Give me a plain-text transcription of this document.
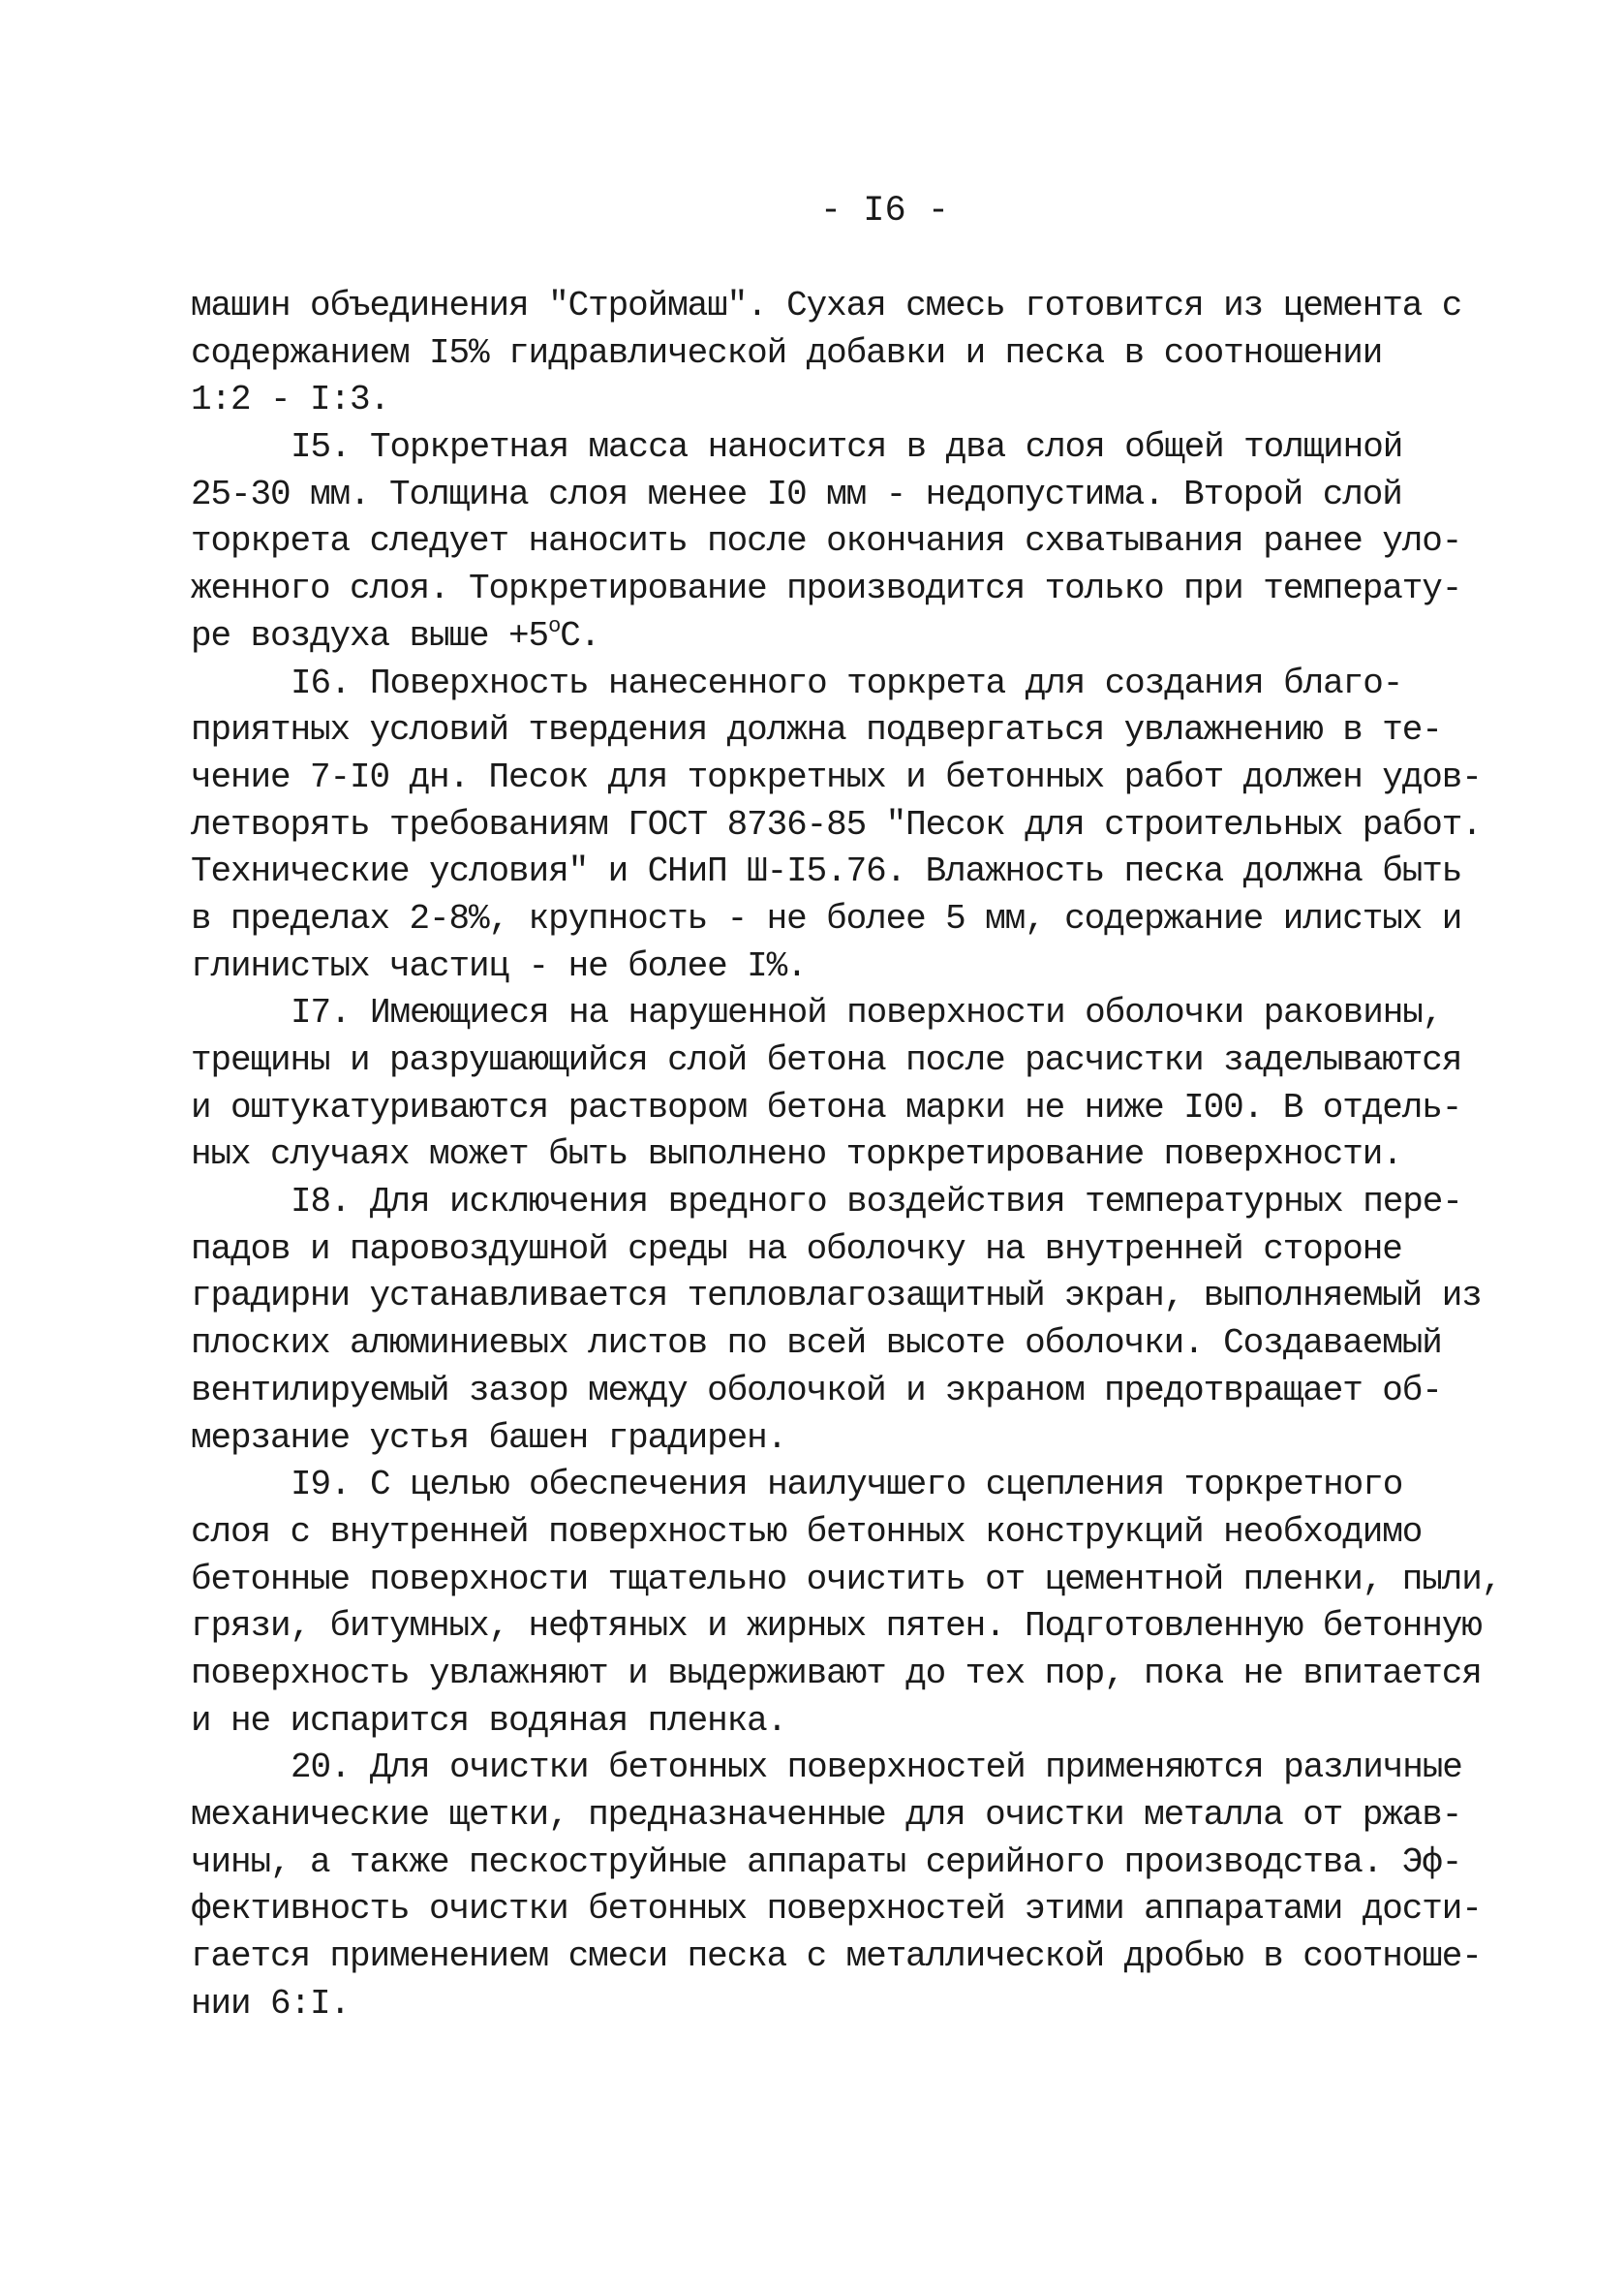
- I6 -
машин объединения "Строймаш". Сухая смесь готовится из цемента с
содержанием I5% гидравлической добавки и песка в соотношении
1:2 - I:3.
I5. Торкретная масса наносится в два слоя общей толщиной
25-30 мм. Толщина слоя менее I0 мм - недопустима. Второй слой
торкрета следует наносить после окончания схватывания ранее уло-
женного слоя. Торкретирование производится только при температу-
ре воздуха выше $+5^оС$.
I6. Поверхность нанесенного торкрета для создания благо-
приятных условий твердения должна подвергаться увлажнению в те-
чение 7-I0 дн. Песок для торкретных и бетонных работ должен удов-
летворять требованиям ГОСТ 8736-85 "Песок для строительных работ.
Технические условия" и СНиП Ш-I5.76. Влажность песка должна быть
в пределах 2-8%, крупность - не более 5 мм, содержание илистых и
глинистых частиц - не более I%.
I7. Имеющиеся на нарушенной поверхности оболочки раковины,
трещины и разрушающийся слой бетона после расчистки заделываются
и оштукатуриваются раствором бетона марки не ниже I00. В отдель-
ных случаях может быть выполнено торкретирование поверхности.
I8. Для исключения вредного воздействия температурных пере-
падов и паровоздушной среды на оболочку на внутренней стороне
градирни устанавливается тепловлагозащитный экран, выполняемый из
плоских алюминиевых листов по всей высоте оболочки. Создаваемый
вентилируемый зазор между оболочкой и экраном предотвращает об-
мерзание устья башен градирен.
I9. С целью обеспечения наилучшего сцепления торкретного
слоя с внутренней поверхностью бетонных конструкций необходимо
бетонные поверхности тщательно очистить от цементной пленки, пыли,
грязи, битумных, нефтяных и жирных пятен. Подготовленную бетонную
поверхность увлажняют и выдерживают до тех пор, пока не впитается
и не испарится водяная пленка.
20. Для очистки бетонных поверхностей применяются различные
механические щетки, предназначенные для очистки металла от ржав-
чины, а также пескоструйные аппараты серийного производства. Эф-
фективность очистки бетонных поверхностей этими аппаратами дости-
гается применением смеси песка с металлической дробью в соотноше-
нии 6:I.
